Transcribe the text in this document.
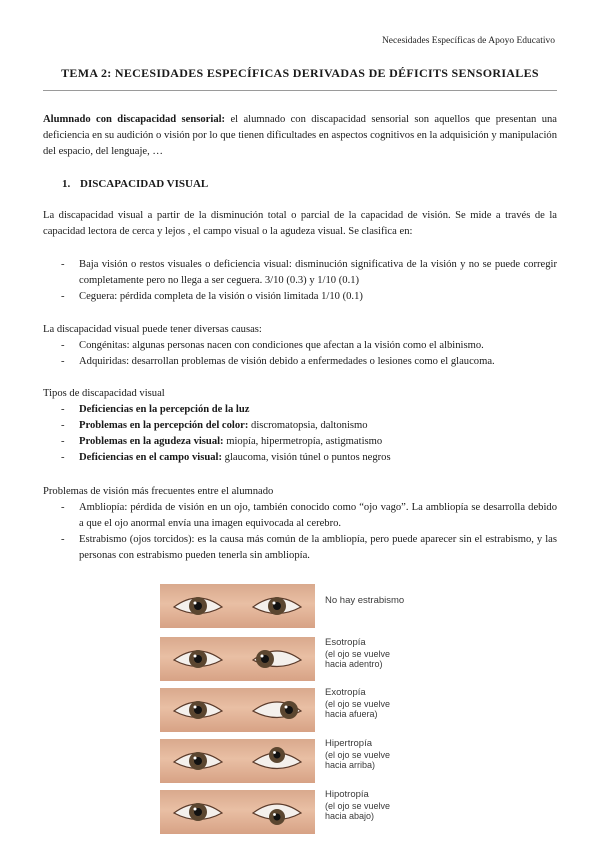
Necesidades Específicas de Apoyo Educativo
TEMA 2: NECESIDADES ESPECÍFICAS DERIVADAS DE DÉFICITS SENSORIALES
Alumnado con discapacidad sensorial: el alumnado con discapacidad sensorial son aquellos que presentan una deficiencia en su audición o visión por lo que tienen dificultades en aspectos cognitivos en la adquisición y manipulación del espacio, del lenguaje, …
1. DISCAPACIDAD VISUAL
La discapacidad visual a partir de la disminución total o parcial de la capacidad de visión. Se mide a través de la capacidad lectora de cerca y lejos , el campo visual o la agudeza visual. Se clasifica en:
- Baja visión o restos visuales o deficiencia visual: disminución significativa de la visión y no se puede corregir completamente pero no llega a ser ceguera. 3/10 (0.3) y 1/10 (0.1)
- Ceguera: pérdida completa de la visión o visión limitada 1/10 (0.1)
La discapacidad visual puede tener diversas causas:
- Congénitas: algunas personas nacen con condiciones que afectan a la visión como el albinismo.
- Adquiridas: desarrollan problemas de visión debido a enfermedades o lesiones como el glaucoma.
Tipos de discapacidad visual
- Deficiencias en la percepción de la luz
- Problemas en la percepción del color: discromatopsia, daltonismo
- Problemas en la agudeza visual: miopía, hipermetropía, astigmatismo
- Deficiencias en el campo visual: glaucoma, visión túnel o puntos negros
Problemas de visión más frecuentes entre el alumnado
- Ambliopía: pérdida de visión en un ojo, también conocido como “ojo vago”. La ambliopía se desarrolla debido a que el ojo anormal envía una imagen equivocada al cerebro.
- Estrabismo (ojos torcidos): es la causa más común de la ambliopía, pero puede aparecer sin el estrabismo, y las personas con estrabismo pueden tenerla sin ambliopía.
No hay estrabismo
Esotropía
(el ojo se vuelve
hacia adentro)
Exotropía
(el ojo se vuelve
hacia afuera)
Hipertropía
(el ojo se vuelve
hacia arriba)
Hipotropía
(el ojo se vuelve
hacia abajo)
